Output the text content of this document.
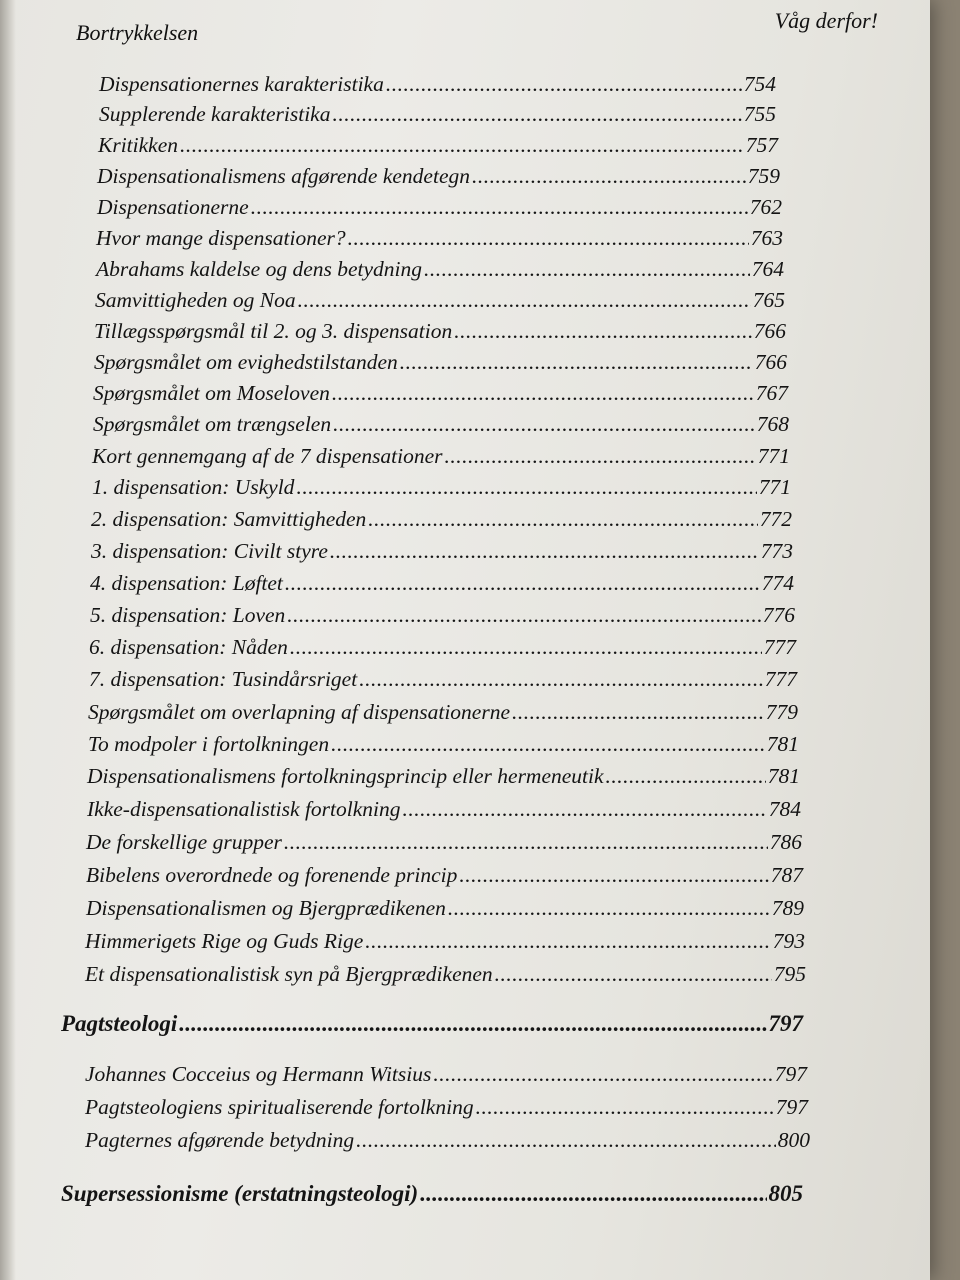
Bortrykkelsen	Våg derfor!
Dispensationernes karakteristika .....	754
Supplerende karakteristika .....	755
Kritikken .....	757
Dispensationalismens afgørende kendetegn .....	759
Dispensationerne .....	762
Hvor mange dispensationer? .....	763
Abrahams kaldelse og dens betydning .....	764
Samvittigheden og Noa .....	765
Tillægsspørgsmål til 2. og 3. dispensation .....	766
Spørgsmålet om evighedstilstanden .....	766
Spørgsmålet om Moseloven .....	767
Spørgsmålet om trængselen .....	768
Kort gennemgang af de 7 dispensationer .....	771
1. dispensation: Uskyld .....	771
2. dispensation: Samvittigheden .....	772
3. dispensation: Civilt styre .....	773
4. dispensation: Løftet .....	774
5. dispensation: Loven .....	776
6. dispensation: Nåden .....	777
7. dispensation: Tusindårsriget .....	777
Spørgsmålet om overlapning af dispensationerne .....	779
To modpoler i fortolkningen .....	781
Dispensationalismens fortolkningsprincip eller hermeneutik .....	781
Ikke-dispensationalistisk fortolkning .....	784
De forskellige grupper .....	786
Bibelens overordnede og forenende princip .....	787
Dispensationalismen og Bjergprædikenen .....	789
Himmerigets Rige og Guds Rige .....	793
Et dispensationalistisk syn på Bjergprædikenen .....	795
Pagtsteologi .....	797
Johannes Cocceius og Hermann Witsius .....	797
Pagtsteologiens spiritualiserende fortolkning .....	797
Pagternes afgørende betydning .....	800
Supersessionisme (erstatningsteologi) .....	805
